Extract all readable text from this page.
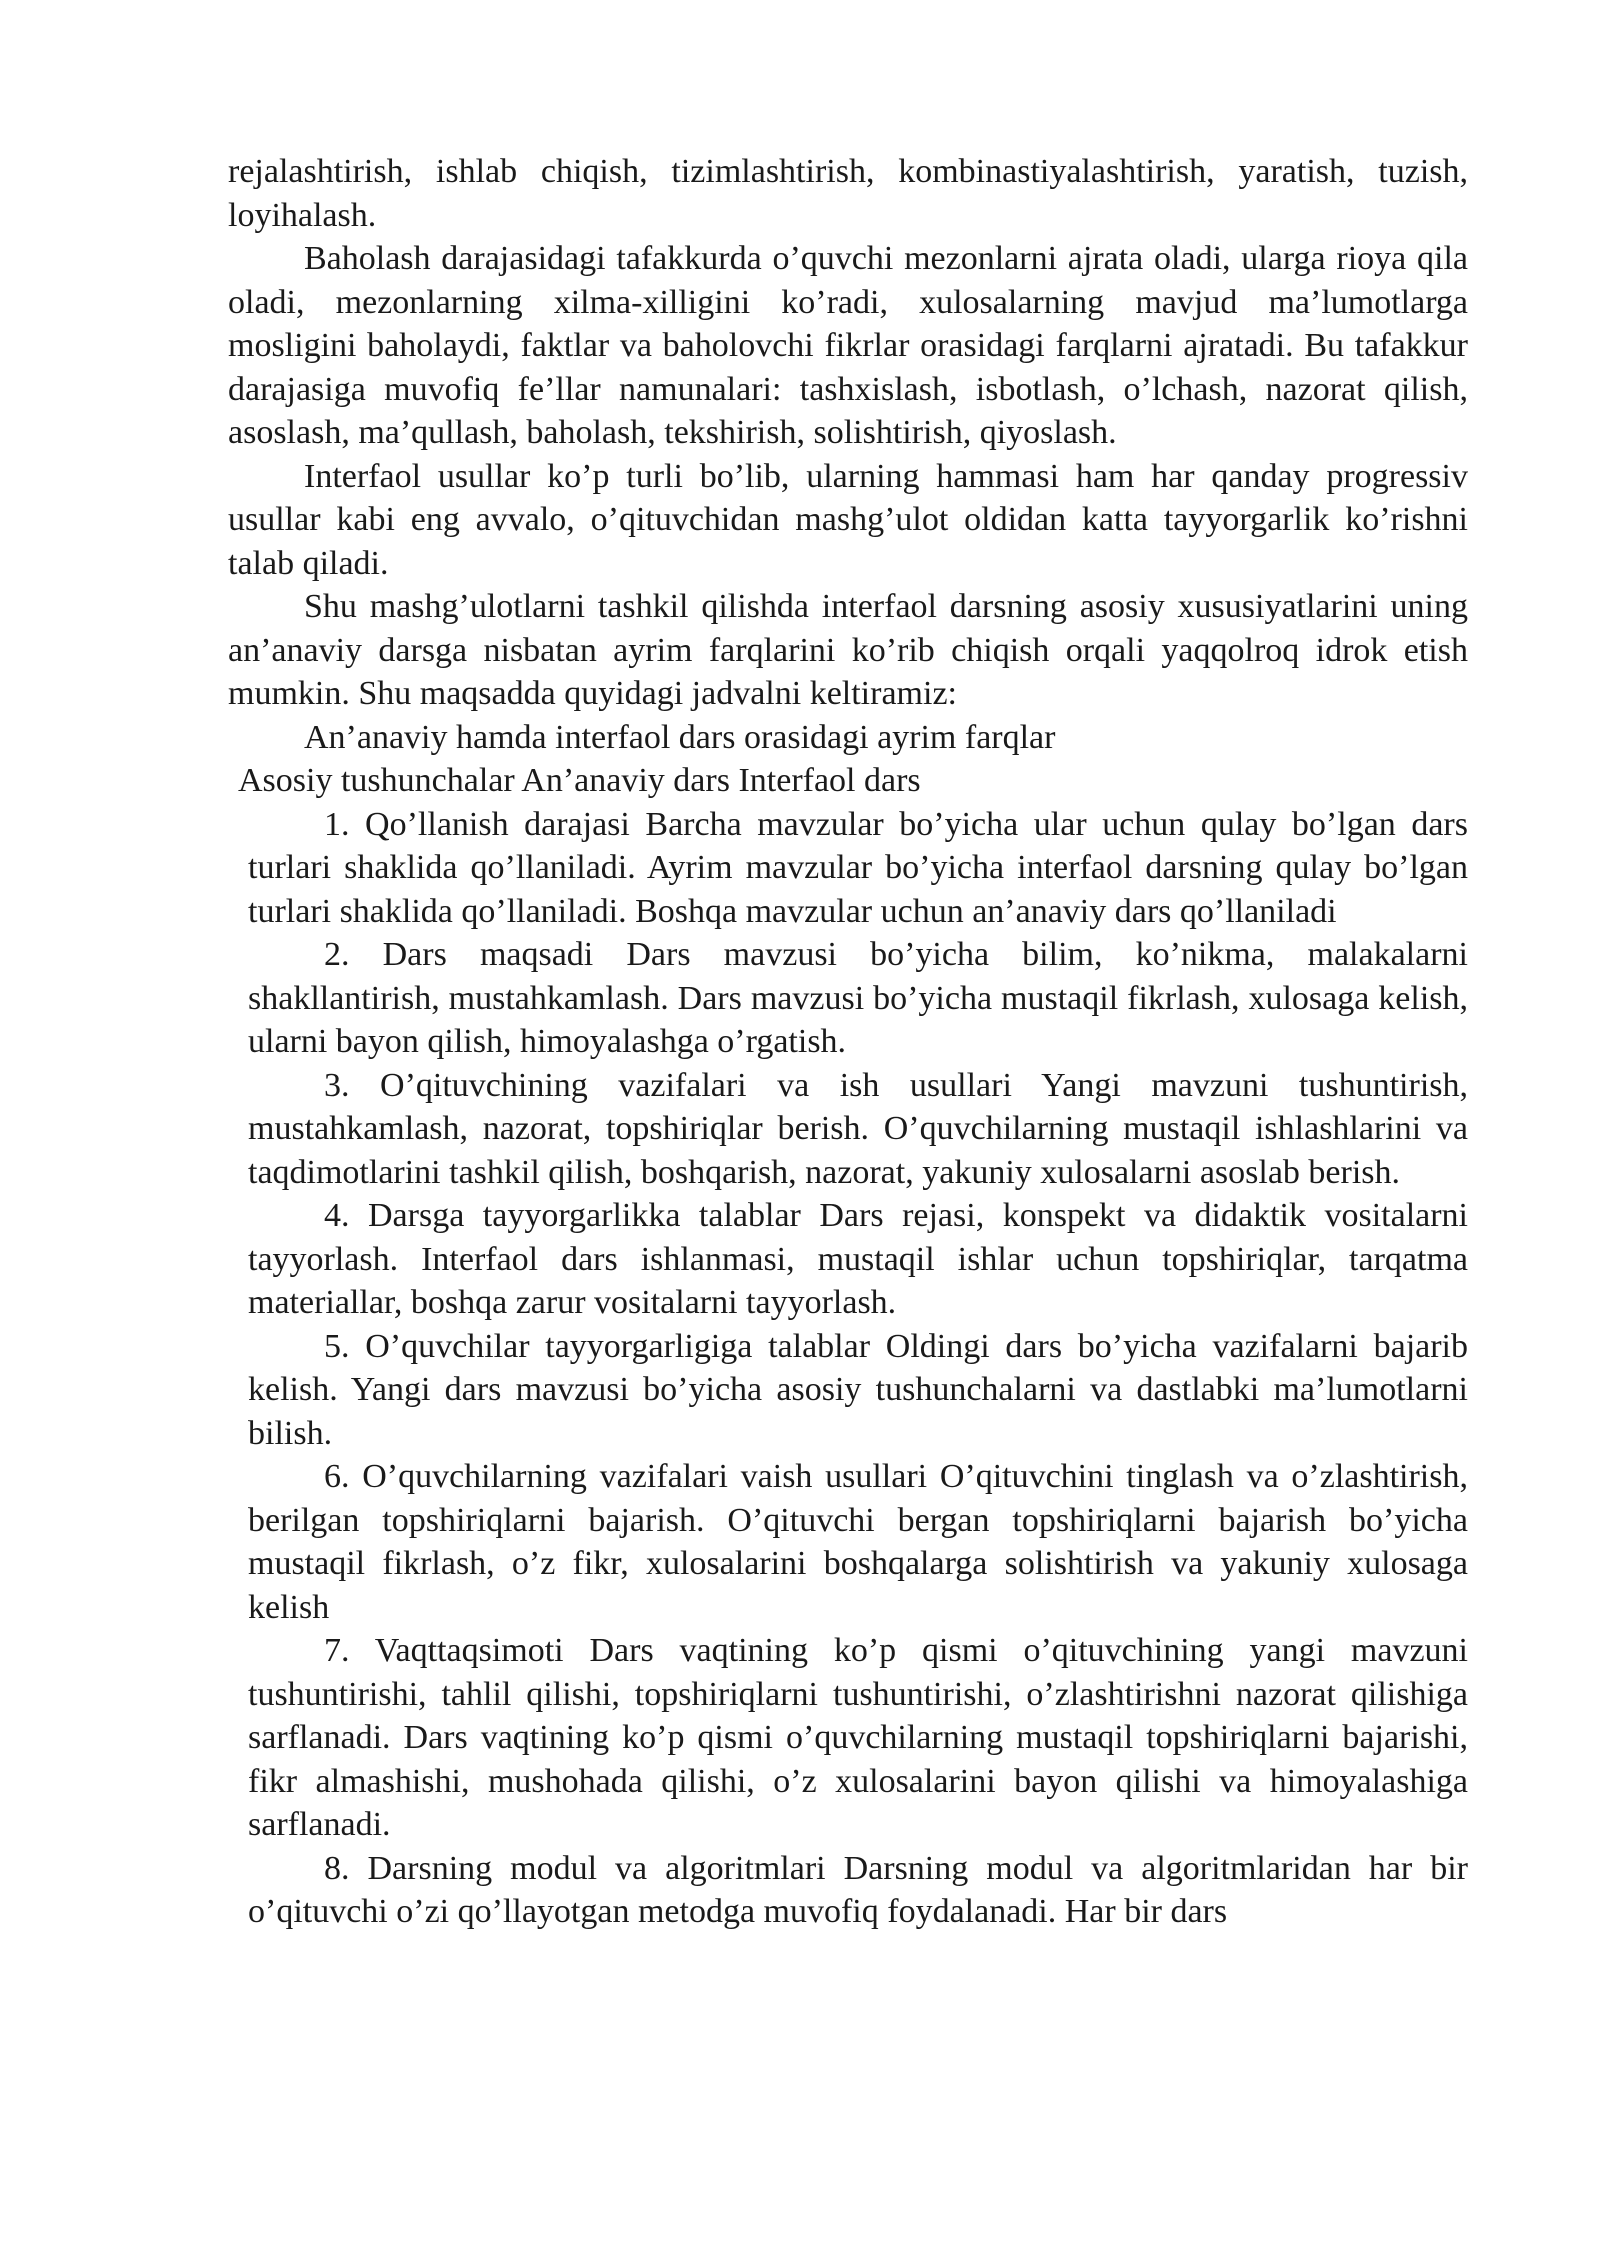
rejalashtirish, ishlab chiqish, tizimlashtirish, kombinastiyalashtirish, yaratish, tuzish, loyihalash.

Baholash darajasidagi tafakkurda o’quvchi mezonlarni ajrata oladi, ularga rioya qila oladi, mezonlarning xilma-xilligini ko’radi, xulosalarning mavjud ma’lumotlarga mosligini baholaydi, faktlar va baholovchi fikrlar orasidagi farqlarni ajratadi. Bu tafakkur darajasiga muvofiq fe’llar namunalari: tashxislash, isbotlash, o’lchash, nazorat qilish, asoslash, ma’qullash, baholash, tekshirish, solishtirish, qiyoslash.

Interfaol usullar ko’p turli bo’lib, ularning hammasi ham har qanday progressiv usullar kabi eng avvalo, o’qituvchidan mashg’ulot oldidan katta tayyorgarlik ko’rishni talab qiladi.

Shu mashg’ulotlarni tashkil qilishda interfaol darsning asosiy xususiyatlarini uning an’anaviy darsga nisbatan ayrim farqlarini ko’rib chiqish orqali yaqqolroq idrok etish mumkin. Shu maqsadda quyidagi jadvalni keltiramiz:

An’anaviy hamda interfaol dars orasidagi ayrim farqlar

Asosiy tushunchalar An’anaviy dars Interfaol dars

1. Qo’llanish darajasi Barcha mavzular bo’yicha ular uchun qulay bo’lgan dars turlari shaklida qo’llaniladi. Ayrim mavzular bo’yicha interfaol darsning qulay bo’lgan turlari shaklida qo’llaniladi. Boshqa mavzular uchun an’anaviy dars qo’llaniladi

2. Dars maqsadi Dars mavzusi bo’yicha bilim, ko’nikma, malakalarni shakllantirish, mustahkamlash. Dars mavzusi bo’yicha mustaqil fikrlash, xulosaga kelish, ularni bayon qilish, himoyalashga o’rgatish.

3. O’qituvchining vazifalari va ish usullari Yangi mavzuni tushuntirish, mustahkamlash, nazorat, topshiriqlar berish. O’quvchilarning mustaqil ishlashlarini va taqdimotlarini tashkil qilish, boshqarish, nazorat, yakuniy xulosalarni asoslab berish.

4. Darsga tayyorgarlikka talablar Dars rejasi, konspekt va didaktik vositalarni tayyorlash. Interfaol dars ishlanmasi, mustaqil ishlar uchun topshiriqlar, tarqatma materiallar, boshqa zarur vositalarni tayyorlash.

5. O’quvchilar tayyorgarligiga talablar Oldingi dars bo’yicha vazifalarni bajarib kelish. Yangi dars mavzusi bo’yicha asosiy tushunchalarni va dastlabki ma’lumotlarni bilish.

6. O’quvchilarning vazifalari vaish usullari O’qituvchini tinglash va o’zlashtirish, berilgan topshiriqlarni bajarish. O’qituvchi bergan topshiriqlarni bajarish bo’yicha mustaqil fikrlash, o’z fikr, xulosalarini boshqalarga solishtirish va yakuniy xulosaga kelish

7. Vaqttaqsimoti Dars vaqtining ko’p qismi o’qituvchining yangi mavzuni tushuntirishi, tahlil qilishi, topshiriqlarni tushuntirishi, o’zlashtirishni nazorat qilishiga sarflanadi. Dars vaqtining ko’p qismi o’quvchilarning mustaqil topshiriqlarni bajarishi, fikr almashishi, mushohada qilishi, o’z xulosalarini bayon qilishi va himoyalashiga sarflanadi.

8. Darsning modul va algoritmlari Darsning modul va algoritmlaridan har bir o’qituvchi o’zi qo’llayotgan metodga muvofiq foydalanadi. Har bir dars
